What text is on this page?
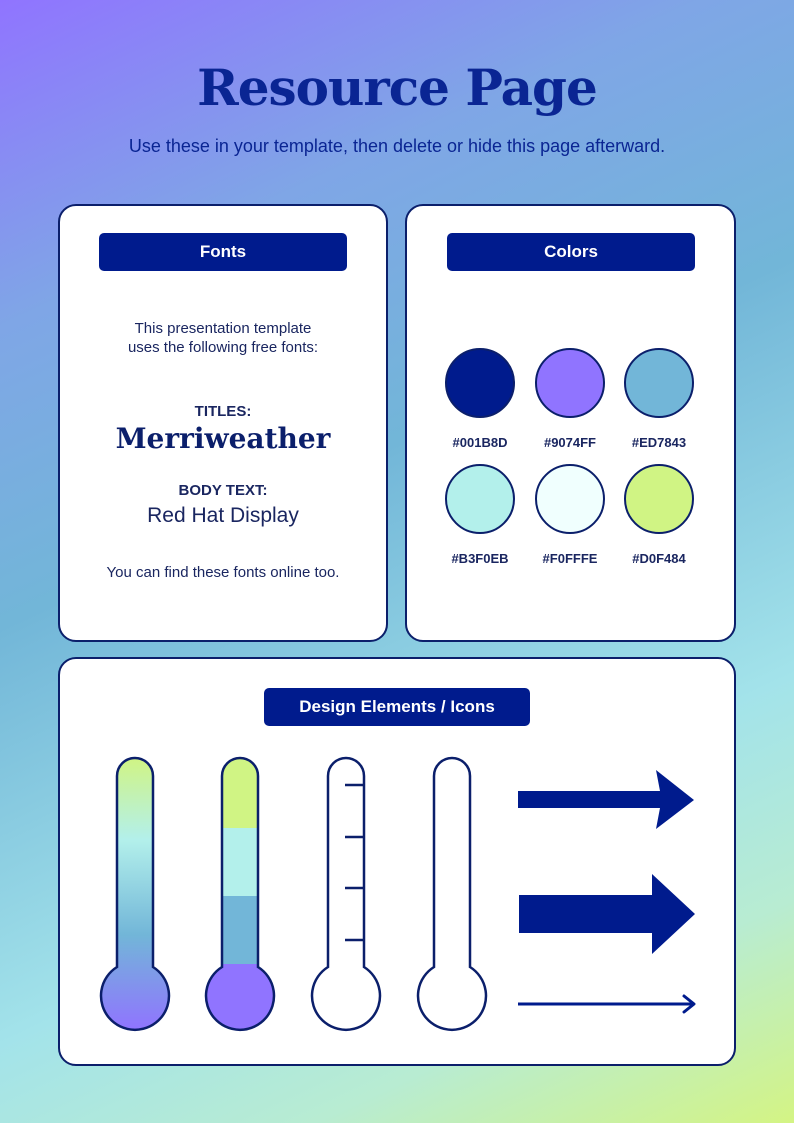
Resource Page
Use these in your template, then delete or hide this page afterward.
Fonts
This presentation template
uses the following free fonts:
TITLES:
Merriweather
BODY TEXT:
Red Hat Display
You can find these fonts online too.
Colors
#001B8D	#9074FF	#ED7843
#B3F0EB	#F0FFFE	#D0F484
Design Elements / Icons
